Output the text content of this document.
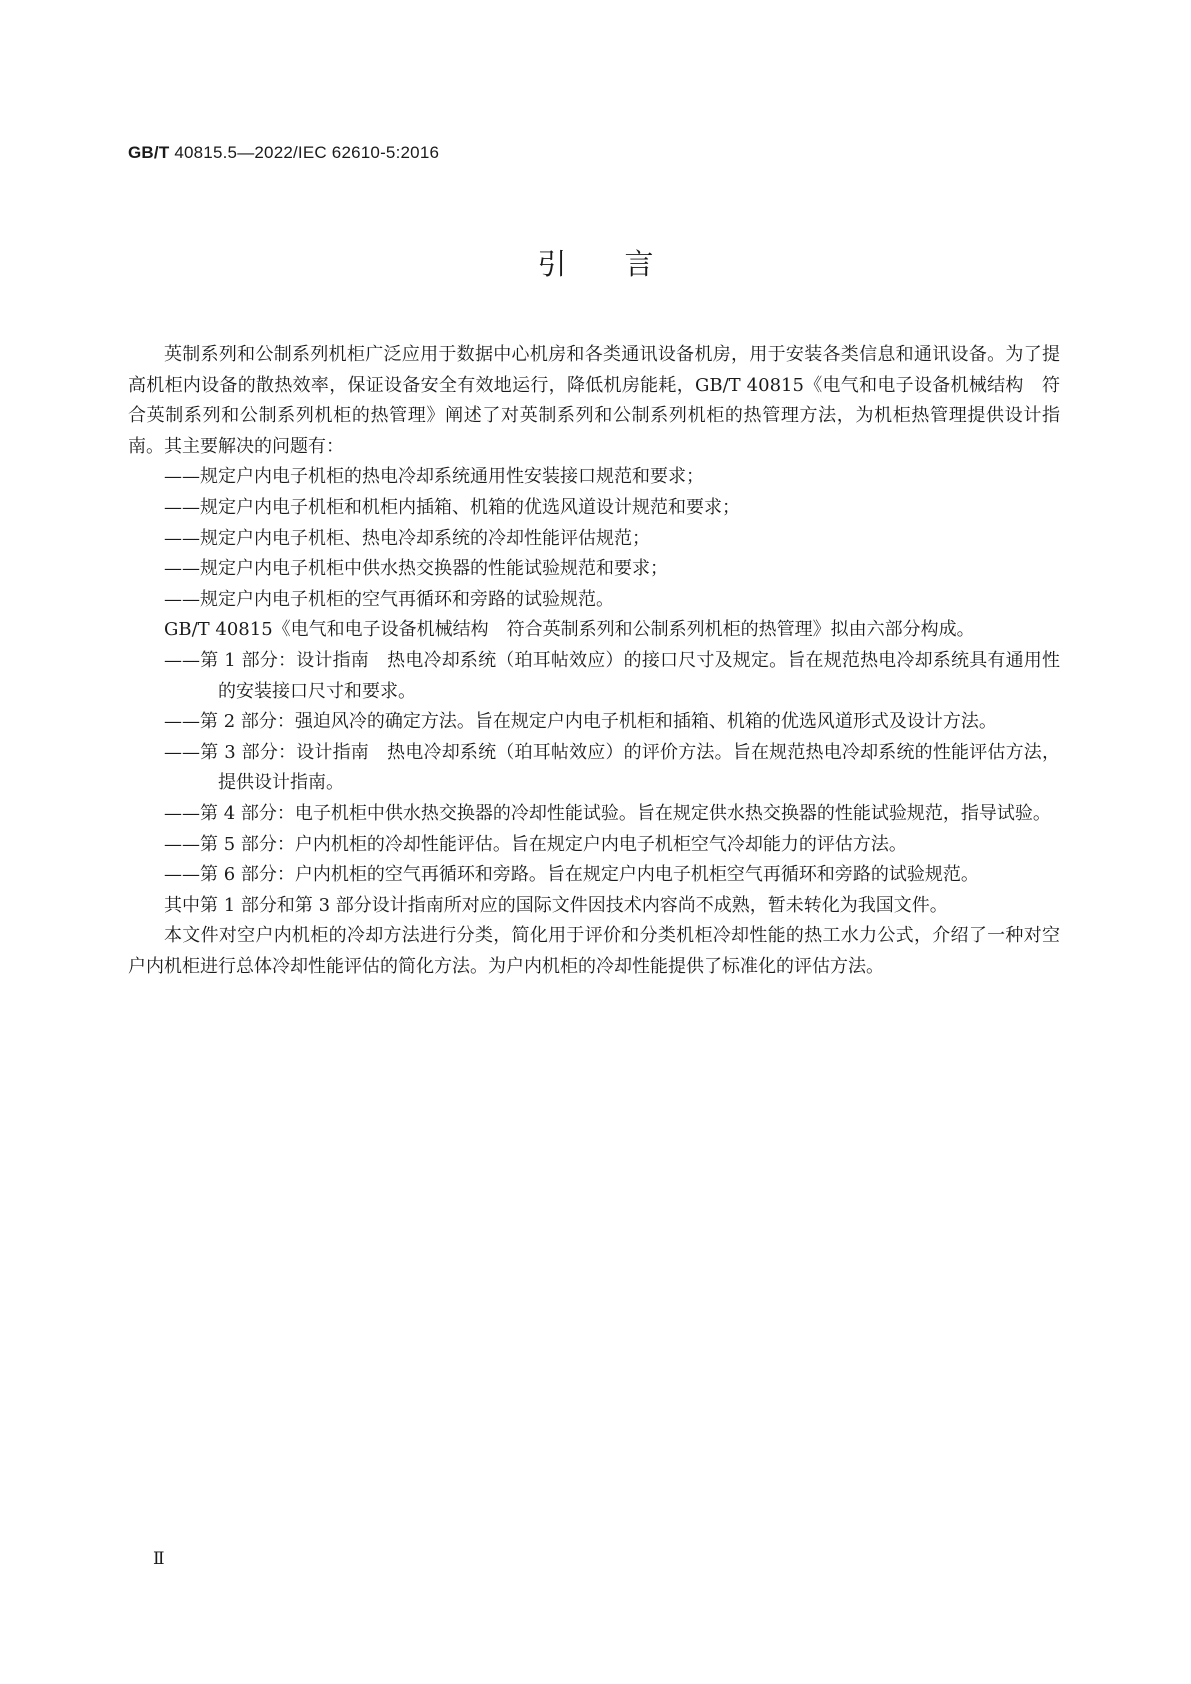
GB/T 40815.5—2022/IEC 62610-5:2016
引言

英制系列和公制系列机柜广泛应用于数据中心机房和各类通讯设备机房，用于安装各类信息和通讯设备。为了提高机柜内设备的散热效率，保证设备安全有效地运行，降低机房能耗，GB/T 40815《电气和电子设备机械结构　符合英制系列和公制系列机柜的热管理》阐述了对英制系列和公制系列机柜的热管理方法，为机柜热管理提供设计指南。其主要解决的问题有：

——规定户内电子机柜的热电冷却系统通用性安装接口规范和要求；

——规定户内电子机柜和机柜内插箱、机箱的优选风道设计规范和要求；

——规定户内电子机柜、热电冷却系统的冷却性能评估规范；

——规定户内电子机柜中供水热交换器的性能试验规范和要求；

——规定户内电子机柜的空气再循环和旁路的试验规范。

GB/T 40815《电气和电子设备机械结构　符合英制系列和公制系列机柜的热管理》拟由六部分构成。

——第 1 部分：设计指南　热电冷却系统（珀耳帖效应）的接口尺寸及规定。旨在规范热电冷却系统具有通用性的安装接口尺寸和要求。

——第 2 部分：强迫风冷的确定方法。旨在规定户内电子机柜和插箱、机箱的优选风道形式及设计方法。

——第 3 部分：设计指南　热电冷却系统（珀耳帖效应）的评价方法。旨在规范热电冷却系统的性能评估方法，提供设计指南。

——第 4 部分：电子机柜中供水热交换器的冷却性能试验。旨在规定供水热交换器的性能试验规范，指导试验。

——第 5 部分：户内机柜的冷却性能评估。旨在规定户内电子机柜空气冷却能力的评估方法。

——第 6 部分：户内机柜的空气再循环和旁路。旨在规定户内电子机柜空气再循环和旁路的试验规范。

其中第 1 部分和第 3 部分设计指南所对应的国际文件因技术内容尚不成熟，暂未转化为我国文件。

本文件对空户内机柜的冷却方法进行分类，简化用于评价和分类机柜冷却性能的热工水力公式，介绍了一种对空户内机柜进行总体冷却性能评估的简化方法。为户内机柜的冷却性能提供了标准化的评估方法。

Ⅱ
